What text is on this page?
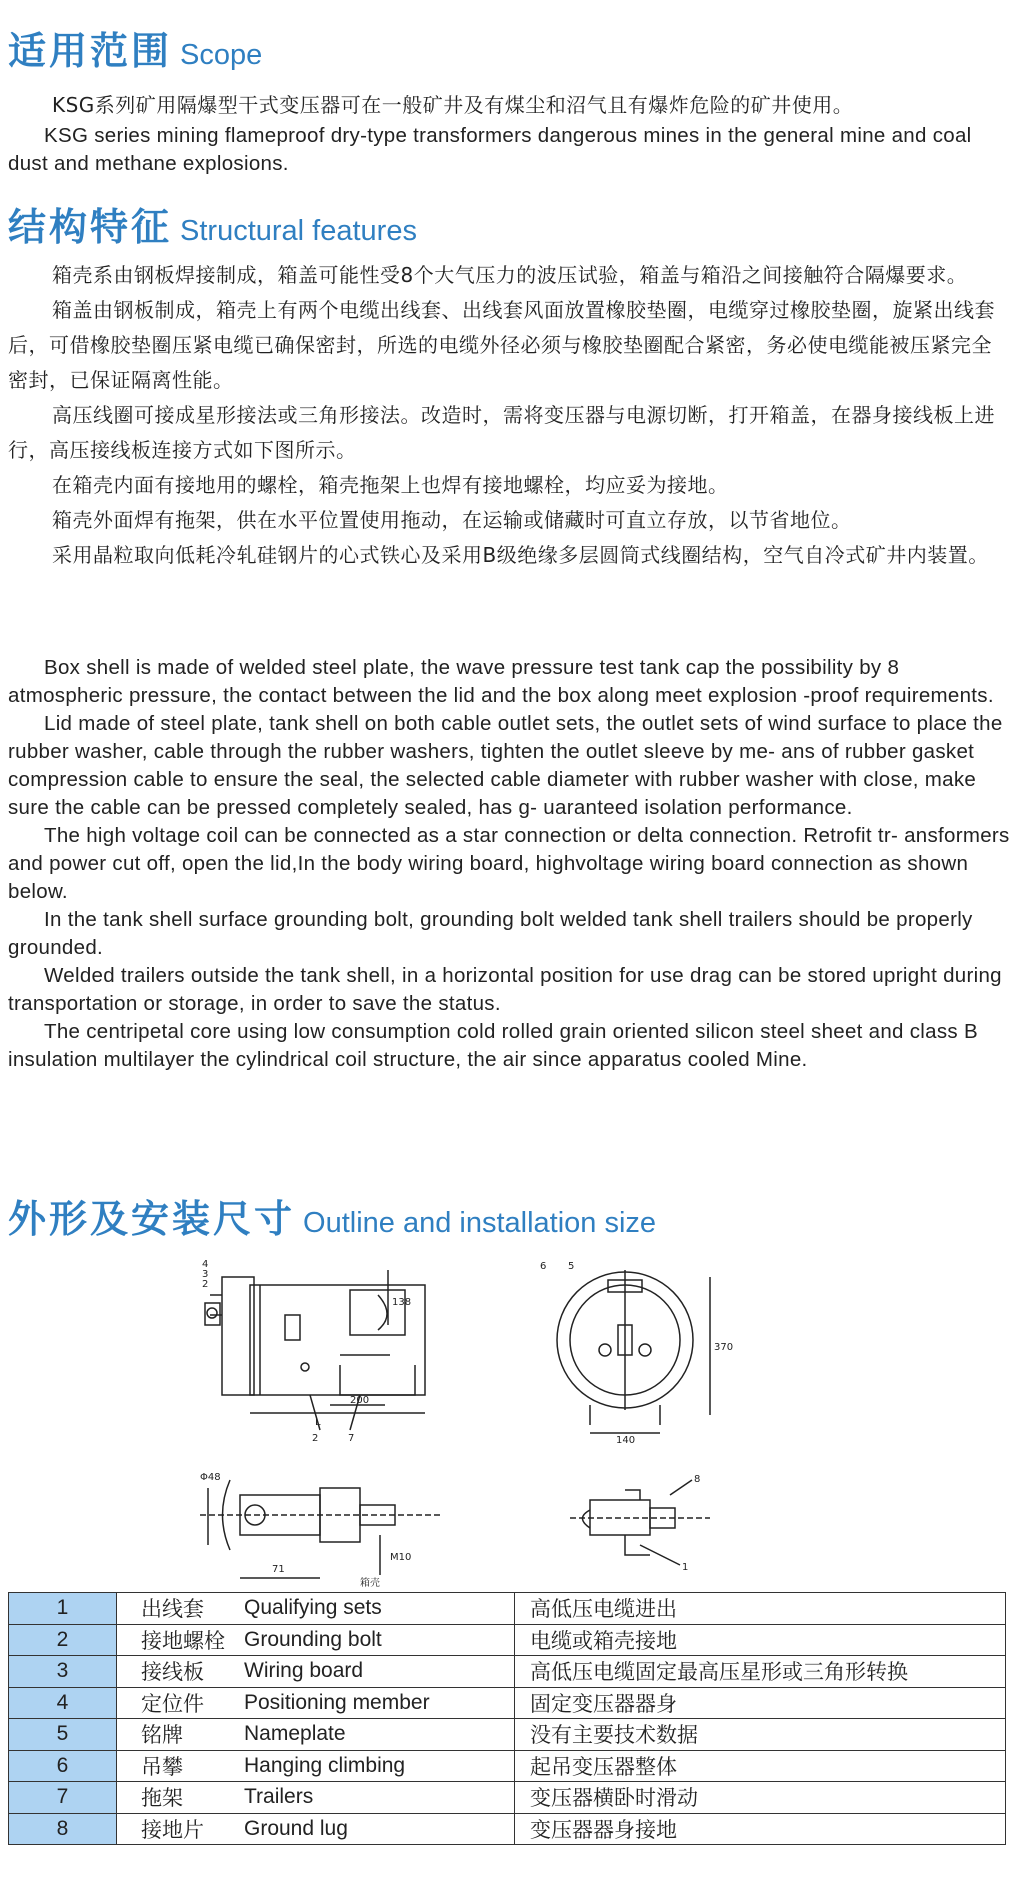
适用范围 Scope

KSG系列矿用隔爆型干式变压器可在一般矿井及有煤尘和沼气且有爆炸危险的矿井使用。

KSG series mining flameproof dry-type transformers dangerous mines in the general mine and coal dust and methane explosions.

结构特征 Structural features

箱壳系由钢板焊接制成，箱盖可能性受8个大气压力的波压试验，箱盖与箱沿之间接触符合隔爆要求。

箱盖由钢板制成，箱壳上有两个电缆出线套、出线套风面放置橡胶垫圈，电缆穿过橡胶垫圈，旋紧出线套后，可借橡胶垫圈压紧电缆已确保密封，所选的电缆外径必须与橡胶垫圈配合紧密，务必使电缆能被压紧完全密封，已保证隔离性能。

高压线圈可接成星形接法或三角形接法。改造时，需将变压器与电源切断，打开箱盖，在器身接线板上进行，高压接线板连接方式如下图所示。

在箱壳内面有接地用的螺栓，箱壳拖架上也焊有接地螺栓，均应妥为接地。

箱壳外面焊有拖架，供在水平位置使用拖动，在运输或储藏时可直立存放，以节省地位。

采用晶粒取向低耗冷轧硅钢片的心式铁心及采用B级绝缘多层圆筒式线圈结构，空气自冷式矿井内装置。

Box shell is made of welded steel plate, the wave pressure test tank cap the possibility by 8 atmospheric pressure, the contact between the lid and the box along meet explosion -proof requirements.

Lid made of steel plate, tank shell on both cable outlet sets, the outlet sets of wind surface to place the rubber washer, cable through the rubber washers, tighten the outlet sleeve by me- ans of rubber gasket compression cable to ensure the seal, the selected cable diameter with rubber washer with close, make sure the cable can be pressed completely sealed, has g- uaranteed isolation performance.

The high voltage coil can be connected as a star connection or delta connection. Retrofit tr- ansformers and power cut off, open the lid,In the body wiring board, highvoltage wiring board connection as shown below.

In the tank shell surface grounding bolt, grounding bolt welded tank shell trailers should be properly grounded.

Welded trailers outside the tank shell, in a horizontal position for use drag can be stored upright during transportation or storage, in order to save the status.

The centripetal core using low consumption cold rolled grain oriented silicon steel sheet and class B insulation multilayer the cylindrical coil structure, the air since apparatus cooled Mine.

外形及安装尺寸 Outline and installation size
4
3
2
200
L
138
2	7
6 5
140
370
Φ48
71
M10
箱壳
8
1
1	出线套	Qualifying sets	高低压电缆进出
2	接地螺栓	Grounding bolt	电缆或箱壳接地
3	接线板	Wiring board	高低压电缆固定最高压星形或三角形转换
4	定位件	Positioning member	固定变压器器身
5	铭牌	Nameplate	没有主要技术数据
6	吊攀	Hanging climbing	起吊变压器整体
7	拖架	Trailers	变压器横卧时滑动
8	接地片	Ground lug	变压器器身接地
